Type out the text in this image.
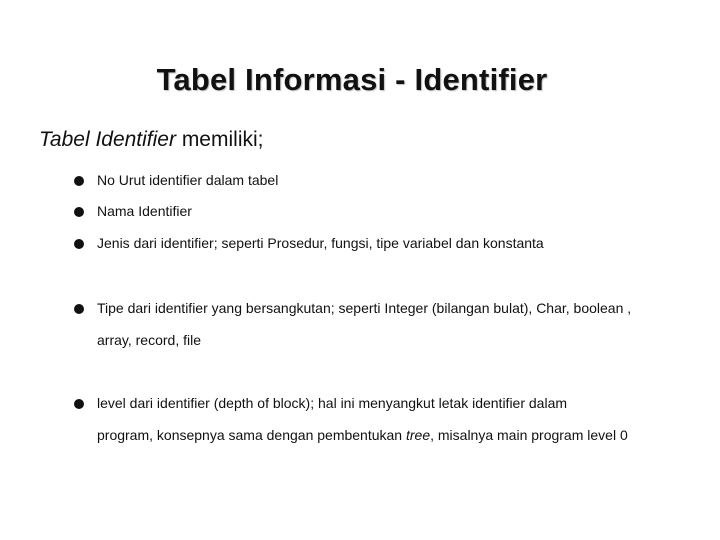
Tabel Informasi - Identifier
Tabel Identifier memiliki;
No Urut identifier dalam tabel
Nama Identifier
Jenis dari identifier; seperti Prosedur, fungsi, tipe variabel dan konstanta
Tipe dari identifier yang bersangkutan; seperti Integer (bilangan bulat), Char, boolean ,
array, record, file
level dari identifier (depth of block); hal ini menyangkut letak identifier dalam
program, konsepnya sama dengan pembentukan tree, misalnya main program level 0
